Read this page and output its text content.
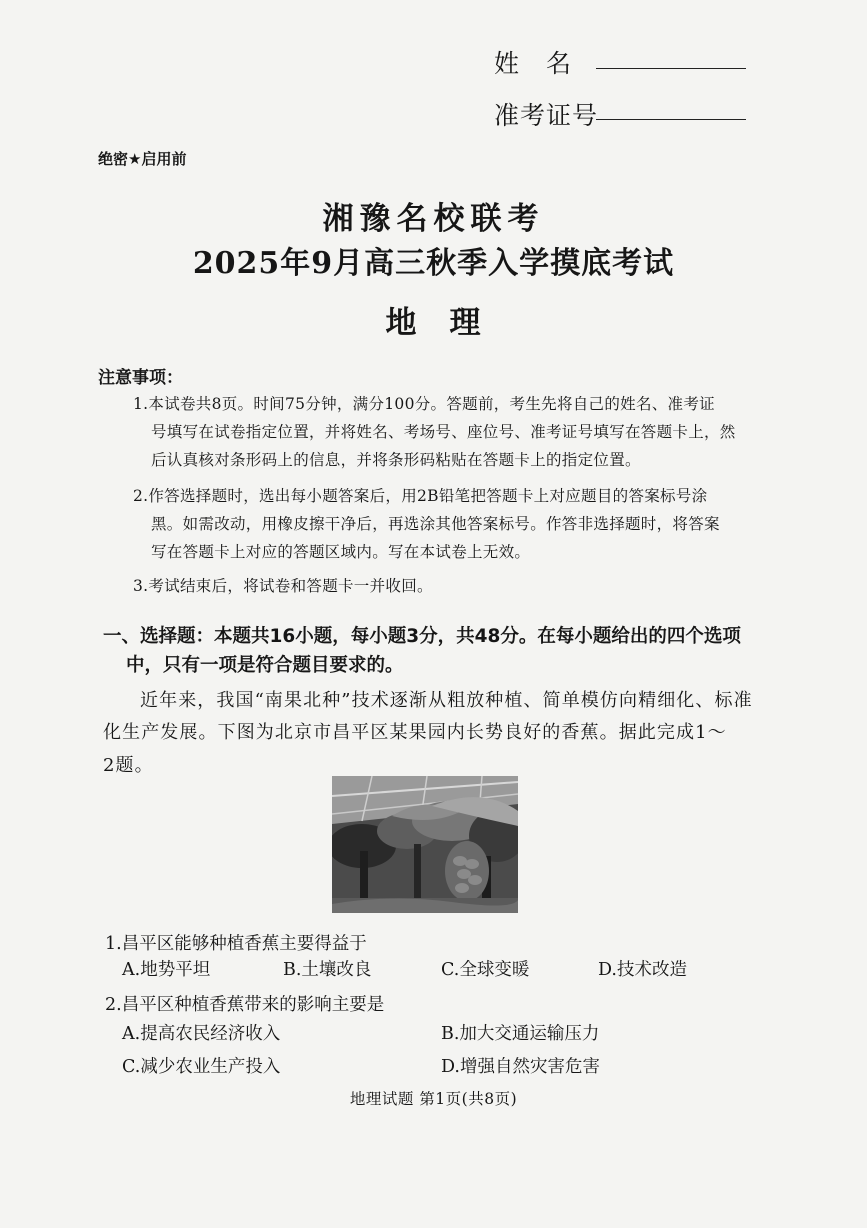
姓　名
准考证号
绝密★启用前
湘豫名校联考
2025年9月高三秋季入学摸底考试
地　理
注意事项：
1.本试卷共8页。时间75分钟，满分100分。答题前，考生先将自己的姓名、准考证
号填写在试卷指定位置，并将姓名、考场号、座位号、准考证号填写在答题卡上，然
后认真核对条形码上的信息，并将条形码粘贴在答题卡上的指定位置。
2.作答选择题时，选出每小题答案后，用2B铅笔把答题卡上对应题目的答案标号涂
黑。如需改动，用橡皮擦干净后，再选涂其他答案标号。作答非选择题时，将答案
写在答题卡上对应的答题区域内。写在本试卷上无效。
3.考试结束后，将试卷和答题卡一并收回。
一、选择题：本题共16小题，每小题3分，共48分。在每小题给出的四个选项
中，只有一项是符合题目要求的。
近年来，我国“南果北种”技术逐渐从粗放种植、简单模仿向精细化、标准
化生产发展。下图为北京市昌平区某果园内长势良好的香蕉。据此完成1～
2题。
1.昌平区能够种植香蕉主要得益于
A.地势平坦	B.土壤改良	C.全球变暖	D.技术改造
2.昌平区种植香蕉带来的影响主要是
A.提高农民经济收入	B.加大交通运输压力
C.减少农业生产投入	D.增强自然灾害危害
地理试题 第1页(共8页)
